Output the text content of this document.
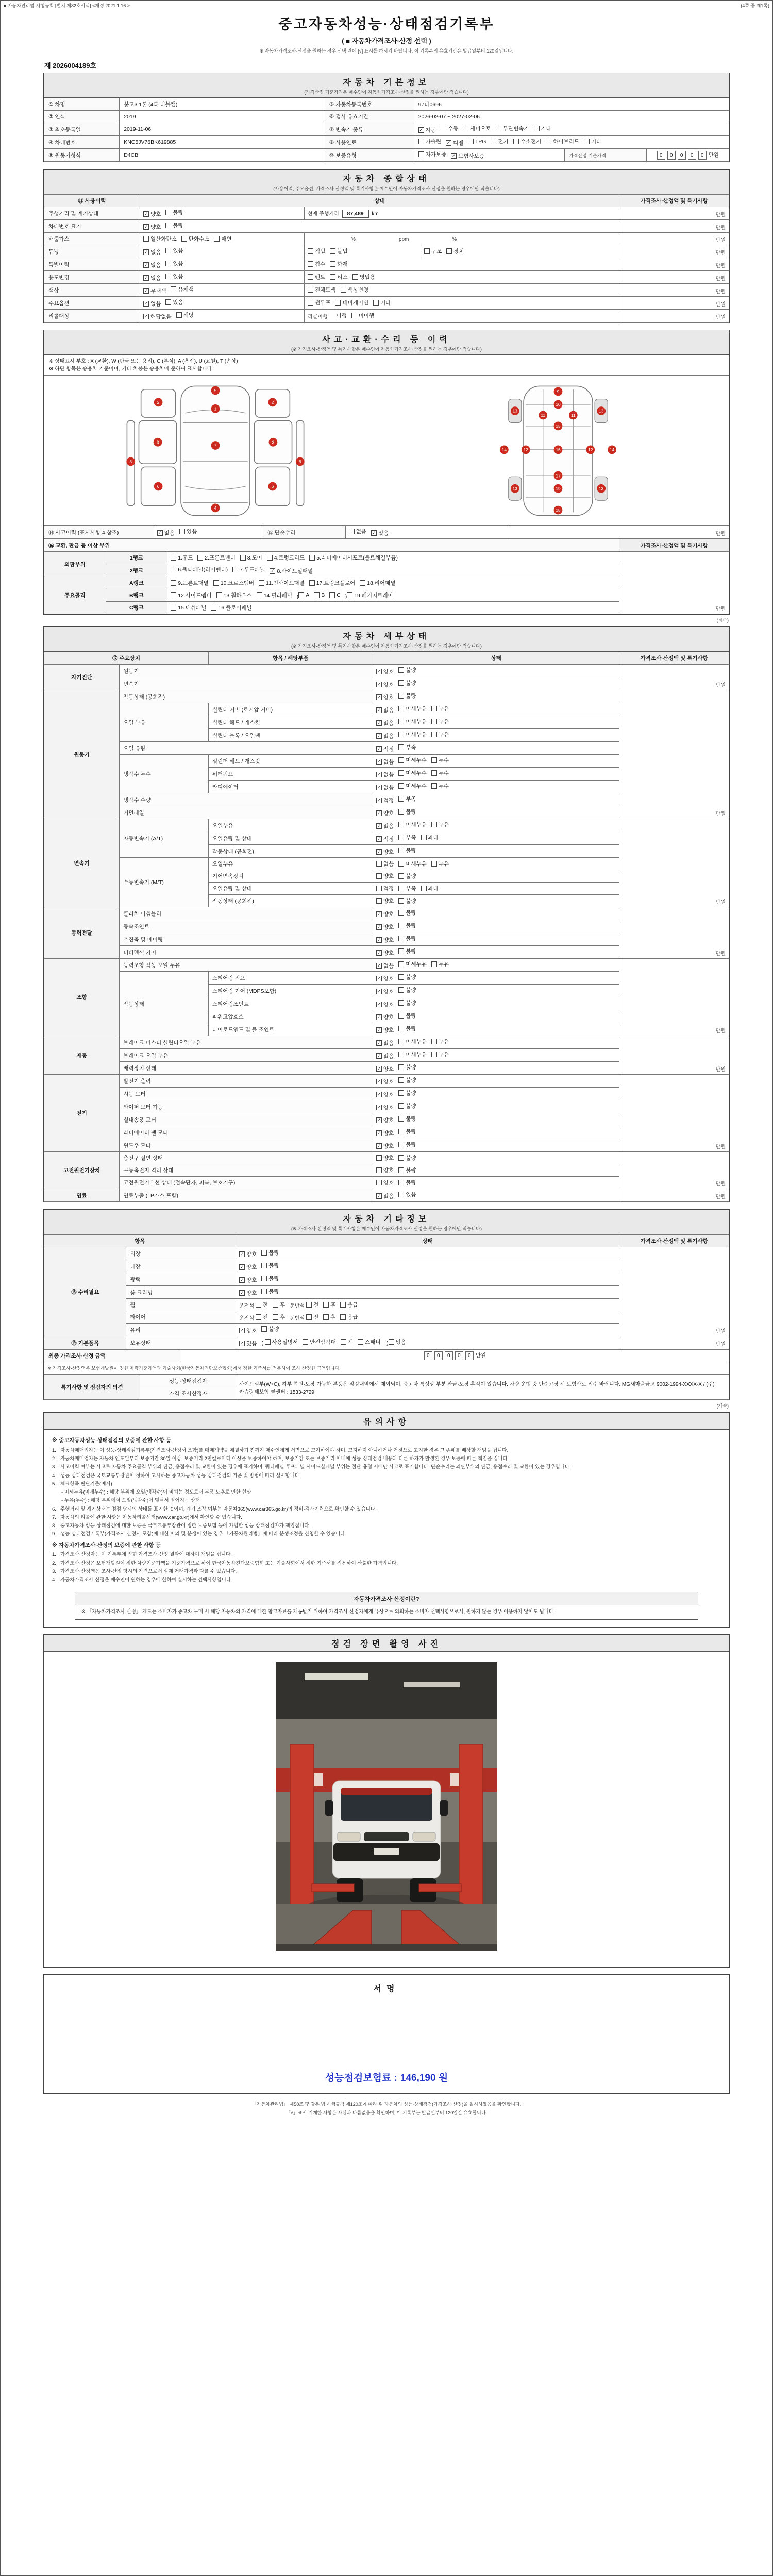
■ 자동차관리법 시행규칙 [별지 제82호서식] <개정 2021.1.16.>	(4쪽 중 제1쪽)
중고자동차성능·상태점검기록부
( ■ 자동차가격조사·산정 선택 )
※ 자동차가격조사·산정을 원하는 경우 선택 란에 [√] 표시를 하시기 바랍니다. 이 기록부의 유효기간은 발급일부터 120일입니다.
제 2026004189호
자동차 기본정보
(가격산정 기준가격은 매수인이 자동차가격조사·산정을 원하는 경우에만 적습니다)
① 차명	봉고3 1톤 (4륜 더블캡)	⑤ 자동차등록번호	97타0696		
② 연식	2019	⑥ 검사 유효기간	2026-02-07 ~ 2027-02-06		
③ 최초등록일	2019-11-06	⑦ 변속기 종류	✓ 자동 수동 세미오토 무단변속기 기타

④ 차대번호	KNC5JV76BK619885	⑧ 사용연료	가솔린 ✓ 디젤 LPG 전기 수소전기 하이브리드 기타

⑨ 원동기형식	D4CB	⑩ 보증유형	자가보증 ✓ 보험사보증	가격산정 기준가격	0 0 0 0 0 만원
자동차 종합상태
(사용이력, 주요옵션, 가격조사·산정액 및 특기사항은 매수인이 자동차가격조사·산정을 원하는 경우에만 적습니다)
⑪ 사용이력	상태			가격조사·산정액 및 특기사항
주행거리 및 계기상태	✓ 양호 불량	현재 주행거리 87,489 km		만원
차대번호 표기	✓ 양호 불량			만원
배출가스	일산화탄소 탄화수소 매연	% ppm %		만원
튜닝	✓ 없음 있음	적법 불법	구조 장치	만원
특별이력	✓ 없음 있음	침수 화재		만원
용도변경	✓ 없음 있음	렌트 리스 영업용		만원
색상	✓ 무채색 유채색	전체도색 색상변경		만원
주요옵션	✓ 없음 있음	썬루프 네비게이션 기타		만원
리콜대상	✓ 해당없음 해당	리콜이행 이행 미이행		만원
사고·교환·수리 등 이력
(※ 가격조사·산정액 및 특기사항은 매수인이 자동차가격조사·산정을 원하는 경우에만 적습니다)
※ 상태표시 부호 : X (교환), W (판금 또는 용접), C (부식), A (흠집), U (요철), T (손상)
※ 하단 항목은 승용차 기준이며, 기타 차종은 승용차에 준하여 표시합니다.
5
1
2	2
3	3
8	8
7
6	6
4
9
10
11	11
13	13
12	12
14	14
15
16
17
19
18
13	13
⑭ 사고이력 (표시사항 4.참조)	✓ 없음 있음	⑮ 단순수리	없음 ✓ 있음	만원
⑯ 교환, 판금 등 이상 부위			가격조사·산정액 및 특기사항
외판부위	1랭크	1.후드 2.프론트펜더 3.도어 4.트렁크리드 5.라디에이터서포트(볼트체결부품)	만원
	2랭크	6.쿼터패널(리어펜더) 7.루프패널 ✓ 8.사이드실패널	

주요골격	A랭크	9.프론트패널 10.크로스멤버 11.인사이드패널 17.트렁크플로어 18.리어패널	

B랭크	12.사이드멤버 13.휠하우스 14.필러패널 ( A B C ) 19.패키지트레이

	C랭크	15.대쉬패널 16.플로어패널	
(계속)
자동차 세부상태
(※ 가격조사·산정액 및 특기사항은 매수인이 자동차가격조사·산정을 원하는 경우에만 적습니다)
⑰ 주요장치		항목 / 해당부품	상태	가격조사·산정액 및 특기사항
자기진단	원동기		✓ 양호 불량	만원
	변속기		✓ 양호 불량	

원동기	작동상태 (공회전)		✓ 양호 불량	만원
	오일 누유	실린더 커버 (로커암 커버)	✓ 없음 미세누유 누유	

		실린더 헤드 / 개스킷	✓ 없음 미세누유 누유	

		실린더 블록 / 오일팬	✓ 없음 미세누유 누유	

	오일 유량		✓ 적정 부족	

	냉각수 누수	실린더 헤드 / 개스킷	✓ 없음 미세누수 누수	

		워터펌프	✓ 없음 미세누수 누수	

		라디에이터	✓ 없음 미세누수 누수	

	냉각수 수량		✓ 적정 부족	

	커먼레일		✓ 양호 불량	

변속기	자동변속기 (A/T)	오일누유	✓ 없음 미세누유 누유	만원
		오일유량 및 상태	✓ 적정 부족 과다	

		작동상태 (공회전)	✓ 양호 불량	

	수동변속기 (M/T)	오일누유	없음 미세누유 누유	

		기어변속장치	양호 불량	

		오일유량 및 상태	적정 부족 과다	

		작동상태 (공회전)	양호 불량	

동력전달	클러치 어셈블리		✓ 양호 불량	만원
	등속조인트		✓ 양호 불량	

	추진축 및 베어링		✓ 양호 불량	

	디퍼렌셜 기어		✓ 양호 불량	

조향	동력조향 작동 오일 누유		✓ 없음 미세누유 누유	만원
	작동상태	스티어링 펌프	✓ 양호 불량	

		스티어링 기어 (MDPS포함)	✓ 양호 불량	

		스티어링조인트	✓ 양호 불량	

		파워고압호스	✓ 양호 불량	

		타이로드엔드 및 볼 조인트	✓ 양호 불량	

제동	브레이크 마스터 실린더오일 누유		✓ 없음 미세누유 누유	만원
	브레이크 오일 누유		✓ 없음 미세누유 누유	

	배력장치 상태		✓ 양호 불량	

전기	발전기 출력		✓ 양호 불량	만원
	시동 모터		✓ 양호 불량	

	와이퍼 모터 기능		✓ 양호 불량	

	실내송풍 모터		✓ 양호 불량	

	라디에이터 팬 모터		✓ 양호 불량	

	윈도우 모터		✓ 양호 불량	

고전원전기장치	충전구 절연 상태		양호 불량	만원
	구동축전지 격리 상태		양호 불량	

	고전원전기배선 상태 (접속단자, 피복, 보호기구)		양호 불량	

연료	연료누출 (LP가스 포함)		✓ 없음 있음	만원
자동차 기타정보
(※ 가격조사·산정액 및 특기사항은 매수인이 자동차가격조사·산정을 원하는 경우에만 적습니다)
항목		상태	가격조사·산정액 및 특기사항
⑱ 수리필요	외장	✓ 양호 불량	만원
	내장	✓ 양호 불량	

	광택	✓ 양호 불량	

	룸 크리닝	✓ 양호 불량	

휠	운전석 전 후 동반석 전 후 응급

타이어	운전석 전 후 동반석 전 후 응급

	유리	✓ 양호 불량	

⑲ 기본품목	보유상태	✓ 있음 ( 사용설명서 안전삼각대 잭 스패너 ) 없음	만원
최종 가격조사·산정 금액	0 0 0 0 0 만원
※ 가격조사·산정액은 보험개발원이 정한 차량기준가액과 기술사회(한국자동차진단보증협회)에서 정한 기준서를 적용하여 조사·산정한 금액입니다.
특기사항 및 점검자의 의견	성능·상태점검자	사이드실부(W+C), 하부 복원·도장 가능한 부품은 점검내역에서 제외되며, 중고차 특성상 부분 판금·도장 흔적이 있습니다. 차량 운행 중 단순고장 시 보험사로 접수 바랍니다. MG새마을금고 9002-1994-XXXX-X / (주)카슈랑테보험 콜센터 : 1533-2729
가격·조사산정자
(계속)
유의사항
※ 중고자동차성능·상태점검의 보증에 관한 사항 등
1. 자동차매매업자는 이 성능·상태점검기록부(가격조사·산정서 포함)를 매매계약을 체결하기 전까지 매수인에게 서면으로 고지하여야 하며, 고지하지 아니하거나 거짓으로 고지한 경우 그 손해를 배상할 책임을 집니다.
2. 자동차매매업자는 자동차 인도일부터 보증기간 30일 이상, 보증거리 2천킬로미터 이상을 보증하여야 하며, 보증기간 또는 보증거리 이내에 성능·상태점검 내용과 다른 하자가 발생한 경우 보증에 따른 책임을 집니다.
3. 사고이력 여부는 사고로 자동차 주요골격 부위의 판금, 용접수리 및 교환이 있는 경우에 표기하며, 쿼터패널·루프패널·사이드실패널 부위는 절단·용접 시에만 사고로 표기합니다. 단순수리는 외판부위의 판금, 용접수리 및 교환이 있는 경우입니다.
4. 성능·상태점검은 국토교통부장관이 정하여 고시하는 중고자동차 성능·상태점검의 기준 및 방법에 따라 실시합니다.
5. 체크항목 판단기준(예시)
- 미세누유(미세누수) : 해당 부위에 오일(냉각수)이 비치는 정도로서 부품 노후로 인한 현상
- 누유(누수) : 해당 부위에서 오일(냉각수)이 맺혀서 떨어지는 상태
6. 주행거리 및 계기상태는 점검 당시의 상태를 표기한 것이며, 계기 조작 여부는 자동차365(www.car365.go.kr)의 정비·검사이력으로 확인할 수 있습니다.
7. 자동차의 리콜에 관한 사항은 자동차리콜센터(www.car.go.kr)에서 확인할 수 있습니다.
8. 중고자동차 성능·상태점검에 대한 보증은 국토교통부장관이 정한 보증보험 등에 가입한 성능·상태점검자가 책임집니다.
9. 성능·상태점검기록부(가격조사·산정서 포함)에 대한 이의 및 분쟁이 있는 경우 「자동차관리법」에 따라 분쟁조정을 신청할 수 있습니다.
※ 자동차가격조사·산정의 보증에 관한 사항 등
1. 가격조사·산정자는 이 기록부에 적힌 가격조사·산정 결과에 대하여 책임을 집니다.
2. 가격조사·산정은 보험개발원이 정한 차량기준가액을 기준가격으로 하여 한국자동차진단보증협회 또는 기술사회에서 정한 기준서를 적용하여 산출한 가격입니다.
3. 가격조사·산정액은 조사·산정 당시의 가격으로서 실제 거래가격과 다를 수 있습니다.
4. 자동차가격조사·산정은 매수인이 원하는 경우에 한하여 실시하는 선택사항입니다.
자동차가격조사·산정이란?
※ 「자동차가격조사·산정」 제도는 소비자가 중고차 구매 시 해당 자동차의 가격에 대한 참고자료를 제공받기 위하여 가격조사·산정자에게 유상으로 의뢰하는 소비자 선택사항으로서, 원하지 않는 경우 이용하지 않아도 됩니다.
점검 장면 촬영 사진
서명
성능점검보험료 : 146,190 원
「자동차관리법」 제58조 및 같은 법 시행규칙 제120조에 따라 위 자동차의 성능·상태점검(가격조사·산정)을 실시하였음을 확인합니다.
「√」표시·기재한 사항은 사실과 다름없음을 확인하며, 이 기록부는 발급일부터 120일간 유효합니다.
